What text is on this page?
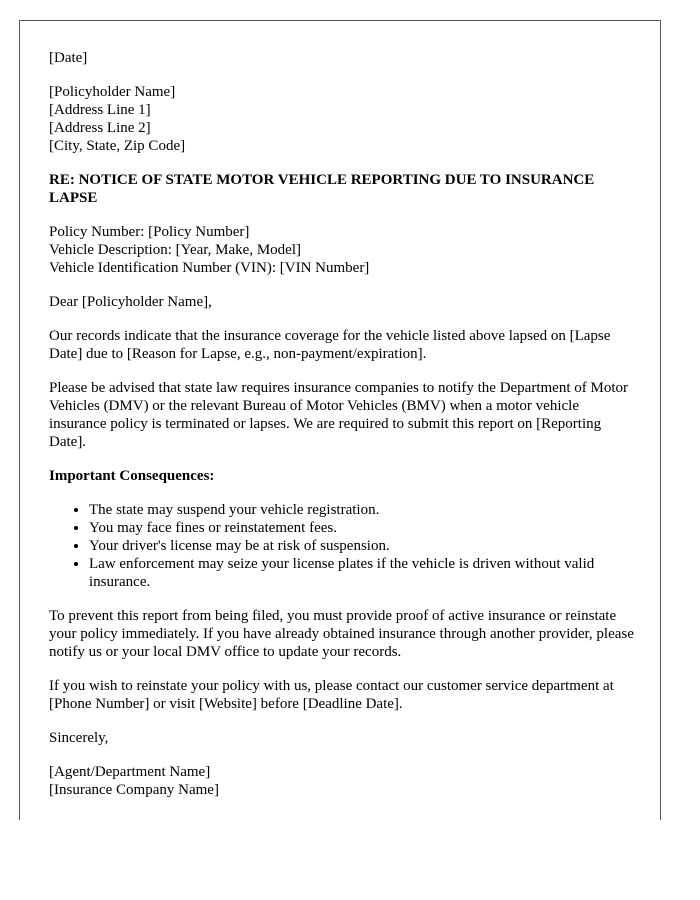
[Date]

[Policyholder Name]
[Address Line 1]
[Address Line 2]
[City, State, Zip Code]

RE: NOTICE OF STATE MOTOR VEHICLE REPORTING DUE TO INSURANCE LAPSE

Policy Number: [Policy Number]
Vehicle Description: [Year, Make, Model]
Vehicle Identification Number (VIN): [VIN Number]

Dear [Policyholder Name],

Our records indicate that the insurance coverage for the vehicle listed above lapsed on [Lapse Date] due to [Reason for Lapse, e.g., non-payment/expiration].

Please be advised that state law requires insurance companies to notify the Department of Motor Vehicles (DMV) or the relevant Bureau of Motor Vehicles (BMV) when a motor vehicle insurance policy is terminated or lapses. We are required to submit this report on [Reporting Date].

Important Consequences:

• The state may suspend your vehicle registration.
• You may face fines or reinstatement fees.
• Your driver's license may be at risk of suspension.
• Law enforcement may seize your license plates if the vehicle is driven without valid insurance.

To prevent this report from being filed, you must provide proof of active insurance or reinstate your policy immediately. If you have already obtained insurance through another provider, please notify us or your local DMV office to update your records.

If you wish to reinstate your policy with us, please contact our customer service department at [Phone Number] or visit [Website] before [Deadline Date].

Sincerely,

[Agent/Department Name]
[Insurance Company Name]
